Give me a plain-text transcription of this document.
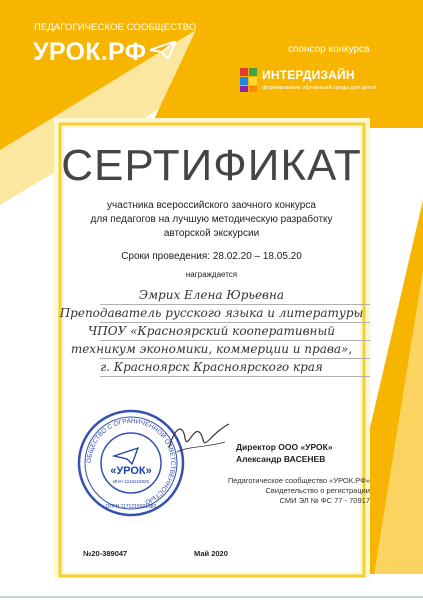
ПЕДАГОГИЧЕСКОЕ СООБЩЕСТВО
УРОК.РФ	спонсор конкурса
ИНТЕРДИЗАЙН
формирование обучающей среды для детей
СЕРТИФИКАТ
участника всероссийского заочного конкурса
для педагогов на лучшую методическую разработку
авторской экскурсии
Сроки проведения: 28.02.20 – 18.05.20
награждается
Эмрих Елена Юрьевна
Преподаватель русского языка и литературы
ЧПОУ «Красноярский кооперативный
техникум экономики, коммерции и права»,
г. Красноярск Красноярского края
ОБЩЕСТВО С ОГРАНИЧЕННОЙ ОТВЕТСТВЕННОСТЬЮ
«УРОК»
ИНН 1215216825
ОГРН 1171215001980
Директор ООО «УРОК»
Александр ВАСЕНЕВ
Педагогическое сообщество «УРОК.РФ»
Свидетельство о регистрации
СМИ ЭЛ № ФС 77 - 70917
№20-389047	Май 2020
